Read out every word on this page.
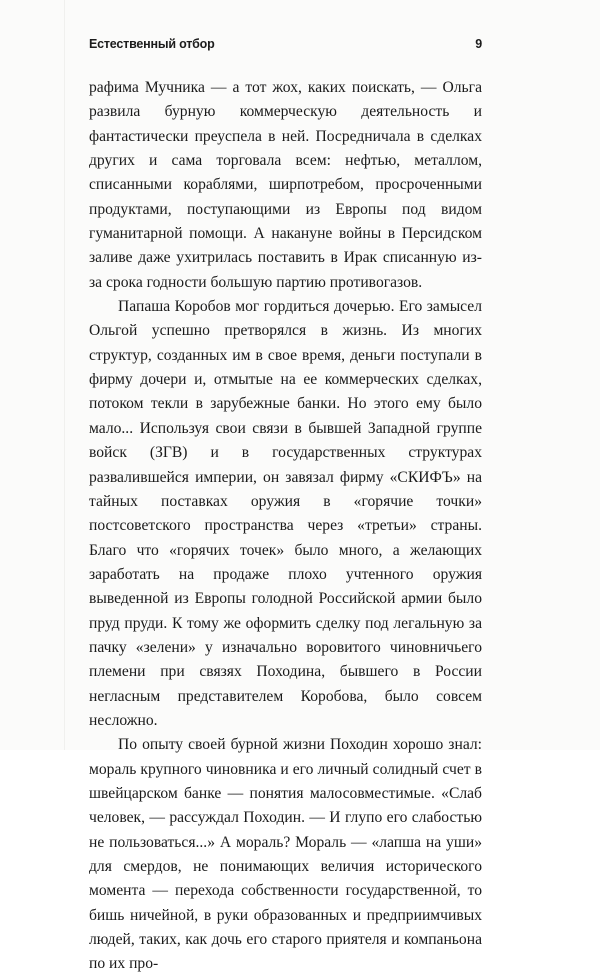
Естественный отбор	9

рафима Мучника — а тот жох, каких поискать, — Ольга развила бурную коммерческую деятельность и фантастически преуспела в ней. Посредничала в сделках других и сама торговала всем: нефтью, металлом, списанными кораблями, ширпотребом, просроченными продуктами, поступающими из Европы под видом гуманитарной помощи. А накануне войны в Персидском заливе даже ухитрилась поставить в Ирак списанную из-за срока годности большую партию противогазов.

Папаша Коробов мог гордиться дочерью. Его замысел Ольгой успешно претворялся в жизнь. Из многих структур, созданных им в свое время, деньги поступали в фирму дочери и, отмытые на ее коммерческих сделках, потоком текли в зарубежные банки. Но этого ему было мало... Используя свои связи в бывшей Западной группе войск (ЗГВ) и в государственных структурах развалившейся империи, он завязал фирму «СКИФЪ» на тайных поставках оружия в «горячие точки» постсоветского пространства через «третьи» страны. Благо что «горячих точек» было много, а желающих заработать на продаже плохо учтенного оружия выведенной из Европы голодной Российской армии было пруд пруди. К тому же оформить сделку под легальную за пачку «зелени» у изначально воровитого чиновничьего племени при связях Походина, бывшего в России негласным представителем Коробова, было совсем несложно.

По опыту своей бурной жизни Походин хорошо знал: мораль крупного чиновника и его личный солидный счет в швейцарском банке — понятия малосовместимые. «Слаб человек, — рассуждал Походин. — И глупо его слабостью не пользоваться...» А мораль? Мораль — «лапша на уши» для смердов, не понимающих величия исторического момента — перехода собственности государственной, то бишь ничейной, в руки образованных и предприимчивых людей, таких, как дочь его старого приятеля и компаньона по их про-
